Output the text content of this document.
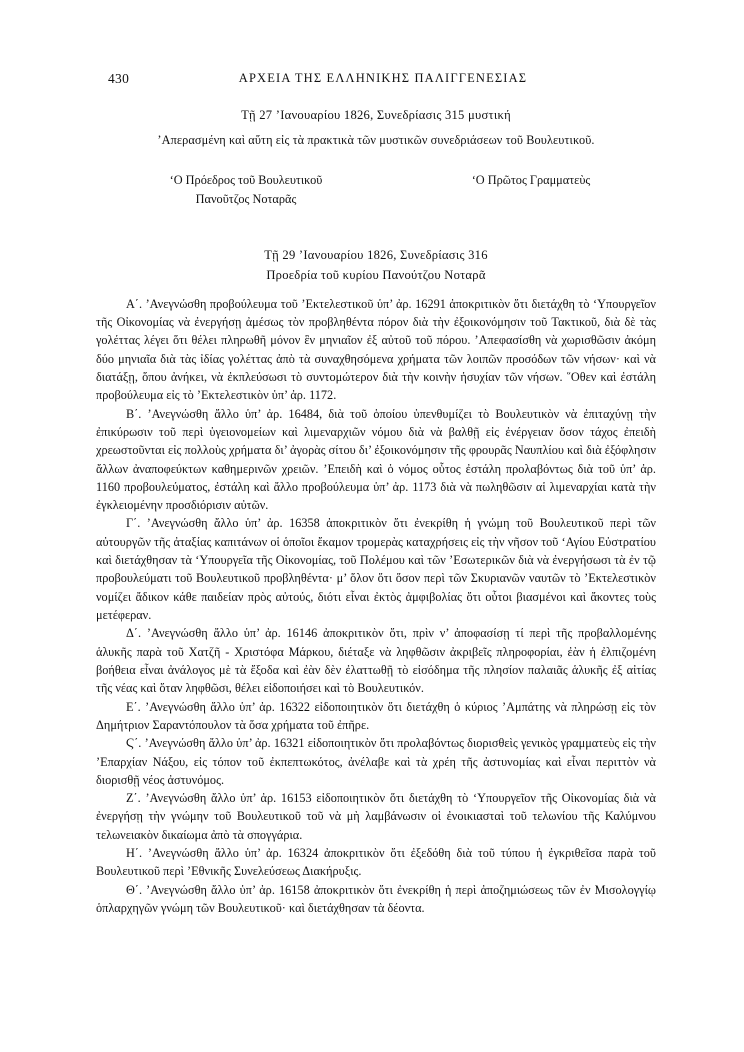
430	ΑΡΧΕΙΑ ΤΗΣ ΕΛΛΗΝΙΚΗΣ ΠΑΛΙΓΓΕΝΕΣΙΑΣ
Τῇ 27 ’Ιανουαρίου 1826, Συνεδρίασις 315 μυστική

’Απερασμένη καὶ αὕτη εἰς τὰ πρακτικὰ τῶν μυστικῶν συνεδριάσεων τοῦ Βουλευτικοῦ.

‘Ο Πρόεδρος τοῦ Βουλευτικοῦ
Πανοῦτζος Νοταρᾶς
‘Ο Πρῶτος Γραμματεὺς
Τῇ 29 ’Ιανουαρίου 1826, Συνεδρίασις 316
Προεδρία τοῦ κυρίου Πανούτζου Νοταρᾶ

Α΄. ’Ανεγνώσθη προβούλευμα τοῦ ’Εκτελεστικοῦ ὑπ’ ἀρ. 16291 ἀποκριτικὸν ὅτι διετάχθη τὸ ‘Υπουργεῖον τῆς Οἰκονομίας νὰ ἐνεργήσῃ ἀμέσως τὸν προβληθέντα πόρον διὰ τὴν ἐξοικονόμησιν τοῦ Τακτικοῦ, διὰ δὲ τὰς γολέττας λέγει ὅτι θέλει πληρωθῆ μόνον ἓν μηνιαῖον ἐξ αὐτοῦ τοῦ πόρου. ’Απεφασίσθη νὰ χωρισθῶσιν ἀκόμη δύο μηνιαῖα διὰ τὰς ἰδίας γολέττας ἀπὸ τὰ συναχθησόμενα χρήματα τῶν λοιπῶν προσόδων τῶν νήσων· καὶ νὰ διατάξῃ, ὅπου ἀνήκει, νὰ ἐκπλεύσωσι τὸ συντομώτερον διὰ τὴν κοινὴν ἡσυχίαν τῶν νήσων. ῞Οθεν καὶ ἐστάλη προβούλευμα εἰς τὸ ’Εκτελεστικὸν ὑπ’ ἀρ. 1172.

Β΄. ’Ανεγνώσθη ἄλλο ὑπ’ ἀρ. 16484, διὰ τοῦ ὁποίου ὑπενθυμίζει τὸ Βουλευτικὸν νὰ ἐπιταχύνῃ τὴν ἐπικύρωσιν τοῦ περὶ ὑγειονομείων καὶ λιμεναρχιῶν νόμου διὰ νὰ βαλθῇ εἰς ἐνέργειαν ὅσον τάχος ἐπειδὴ χρεωστοῦνται εἰς πολλοὺς χρήματα δι’ ἀγορὰς σίτου δι’ ἐξοικονόμησιν τῆς φρουρᾶς Ναυπλίου καὶ διὰ ἐξόφλησιν ἄλλων ἀναποφεύκτων καθημερινῶν χρειῶν. ’Επειδὴ καὶ ὁ νόμος οὗτος ἐστάλη προλαβόντως διὰ τοῦ ὑπ’ ἀρ. 1160 προβουλεύματος, ἐστάλη καὶ ἄλλο προβούλευμα ὑπ’ ἀρ. 1173 διὰ νὰ πωληθῶσιν αἱ λιμεναρχίαι κατὰ τὴν ἐγκλειομένην προσδιόρισιν αὐτῶν.

Γ΄. ’Ανεγνώσθη ἄλλο ὑπ’ ἀρ. 16358 ἀποκριτικὸν ὅτι ἐνεκρίθη ἡ γνώμη τοῦ Βουλευτικοῦ περὶ τῶν αὐτουργῶν τῆς ἀταξίας καπιτάνων οἱ ὁποῖοι ἔκαμον τρομερὰς καταχρήσεις εἰς τὴν νῆσον τοῦ ‘Αγίου Εὐστρατίου καὶ διετάχθησαν τὰ ‘Υπουργεῖα τῆς Οἰκονομίας, τοῦ Πολέμου καὶ τῶν ’Εσωτερικῶν διὰ νὰ ἐνεργήσωσι τὰ ἐν τῷ προβουλεύματι τοῦ Βουλευτικοῦ προβληθέντα· μ’ ὅλον ὅτι ὅσον περὶ τῶν Σκυριανῶν ναυτῶν τὸ ’Εκτελεστικὸν νομίζει ἄδικον κάθε παιδείαν πρὸς αὐτούς, διότι εἶναι ἐκτὸς ἀμφιβολίας ὅτι οὗτοι βιασμένοι καὶ ἄκοντες τοὺς μετέφεραν.

Δ΄. ’Ανεγνώσθη ἄλλο ὑπ’ ἀρ. 16146 ἀποκριτικὸν ὅτι, πρὶν ν’ ἀποφασίσῃ τί περὶ τῆς προβαλλομένης ἁλυκῆς παρὰ τοῦ Χατζῆ - Χριστόφα Μάρκου, διέταξε νὰ ληφθῶσιν ἀκριβεῖς πληροφορίαι, ἐὰν ἡ ἐλπιζομένη βοήθεια εἶναι ἀνάλογος μὲ τὰ ἔξοδα καὶ ἐὰν δὲν ἐλαττωθῇ τὸ εἰσόδημα τῆς πλησίον παλαιᾶς ἁλυκῆς ἐξ αἰτίας τῆς νέας καὶ ὅταν ληφθῶσι, θέλει εἰδοποιήσει καὶ τὸ Βουλευτικόν.

Ε΄. ’Ανεγνώσθη ἄλλο ὑπ’ ἀρ. 16322 εἰδοποιητικὸν ὅτι διετάχθη ὁ κύριος ’Αμπάτης νὰ πληρώσῃ εἰς τὸν Δημήτριον Σαραντόπουλον τὰ ὅσα χρήματα τοῦ ἐπῆρε.

Ϛ΄. ’Ανεγνώσθη ἄλλο ὑπ’ ἀρ. 16321 εἰδοποιητικὸν ὅτι προλαβόντως διορισθεὶς γενικὸς γραμματεὺς εἰς τὴν ’Επαρχίαν Νάξου, εἰς τόπον τοῦ ἐκπεπτωκότος, ἀνέλαβε καὶ τὰ χρέη τῆς ἀστυνομίας καὶ εἶναι περιττὸν νὰ διορισθῇ νέος ἀστυνόμος.

Ζ΄. ’Ανεγνώσθη ἄλλο ὑπ’ ἀρ. 16153 εἰδοποιητικὸν ὅτι διετάχθη τὸ ‘Υπουργεῖον τῆς Οἰκονομίας διὰ νὰ ἐνεργήσῃ τὴν γνώμην τοῦ Βουλευτικοῦ τοῦ νὰ μὴ λαμβάνωσιν οἱ ἐνοικιασταὶ τοῦ τελωνίου τῆς Καλύμνου τελωνειακὸν δικαίωμα ἀπὸ τὰ σπογγάρια.

Η΄. ’Ανεγνώσθη ἄλλο ὑπ’ ἀρ. 16324 ἀποκριτικὸν ὅτι ἐξεδόθη διὰ τοῦ τύπου ἡ ἐγκριθεῖσα παρὰ τοῦ Βουλευτικοῦ περὶ ’Εθνικῆς Συνελεύσεως Διακήρυξις.

Θ΄. ’Ανεγνώσθη ἄλλο ὑπ’ ἀρ. 16158 ἀποκριτικὸν ὅτι ἐνεκρίθη ἡ περὶ ἀποζημιώσεως τῶν ἐν Μισολογγίῳ ὁπλαρχηγῶν γνώμη τῶν Βουλευτικοῦ· καὶ διετάχθησαν τὰ δέοντα.
